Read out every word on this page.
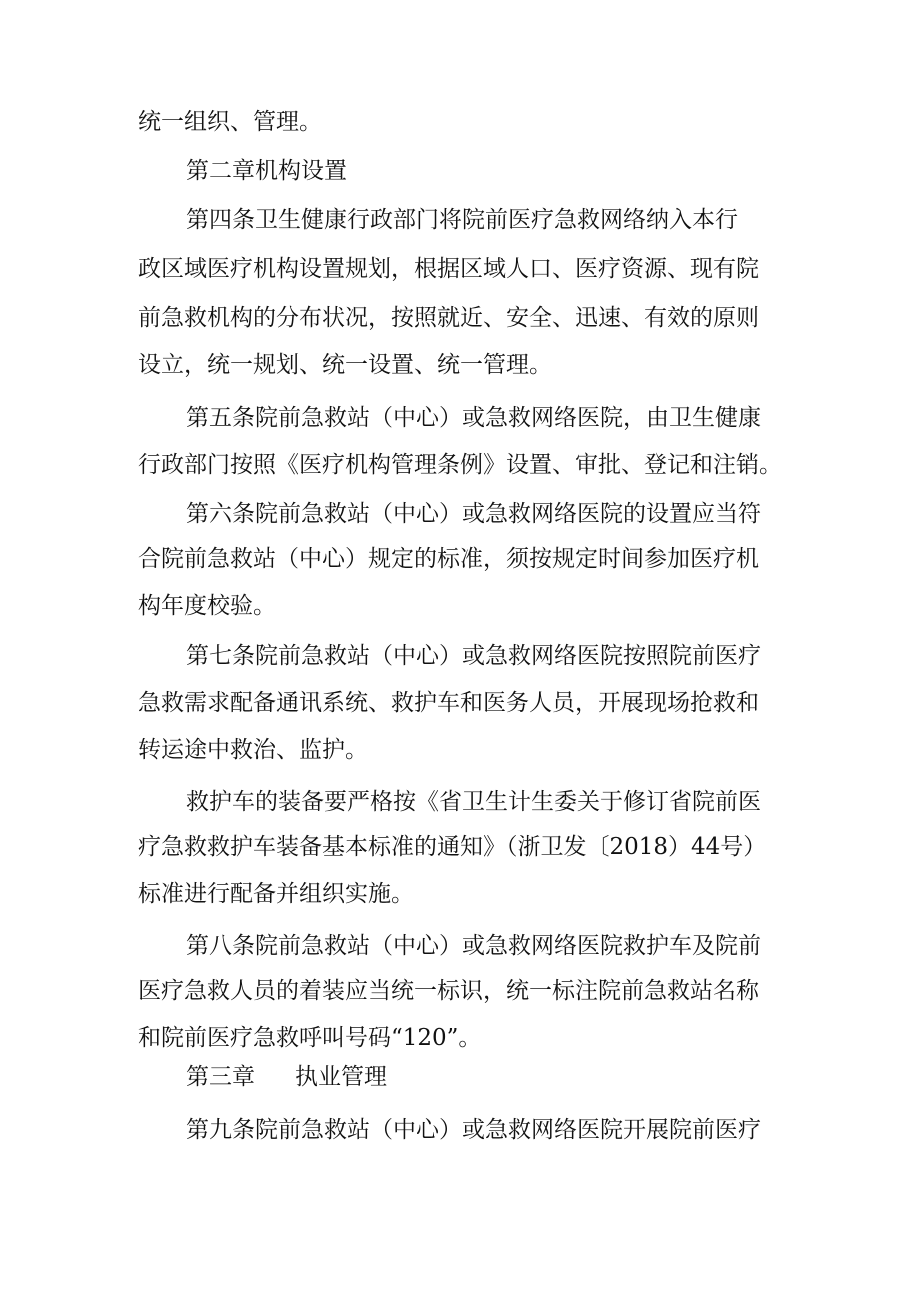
统一组织、管理。

第二章机构设置

第四条卫生健康行政部门将院前医疗急救网络纳入本行

政区域医疗机构设置规划，根据区域人口、医疗资源、现有院

前急救机构的分布状况，按照就近、安全、迅速、有效的原则

设立，统一规划、统一设置、统一管理。

第五条院前急救站（中心）或急救网络医院，由卫生健康

行政部门按照《医疗机构管理条例》设置、审批、登记和注销。

第六条院前急救站（中心）或急救网络医院的设置应当符

合院前急救站（中心）规定的标准，须按规定时间参加医疗机

构年度校验。

第七条院前急救站（中心）或急救网络医院按照院前医疗

急救需求配备通讯系统、救护车和医务人员，开展现场抢救和

转运途中救治、监护。

救护车的装备要严格按《省卫生计生委关于修订省院前医

疗急救救护车装备基本标准的通知》（浙卫发〔2018）44号）

标准进行配备并组织实施。

第八条院前急救站（中心）或急救网络医院救护车及院前

医疗急救人员的着装应当统一标识，统一标注院前急救站名称

和院前医疗急救呼叫号码“120”。

第三章 执业管理

第九条院前急救站（中心）或急救网络医院开展院前医疗
